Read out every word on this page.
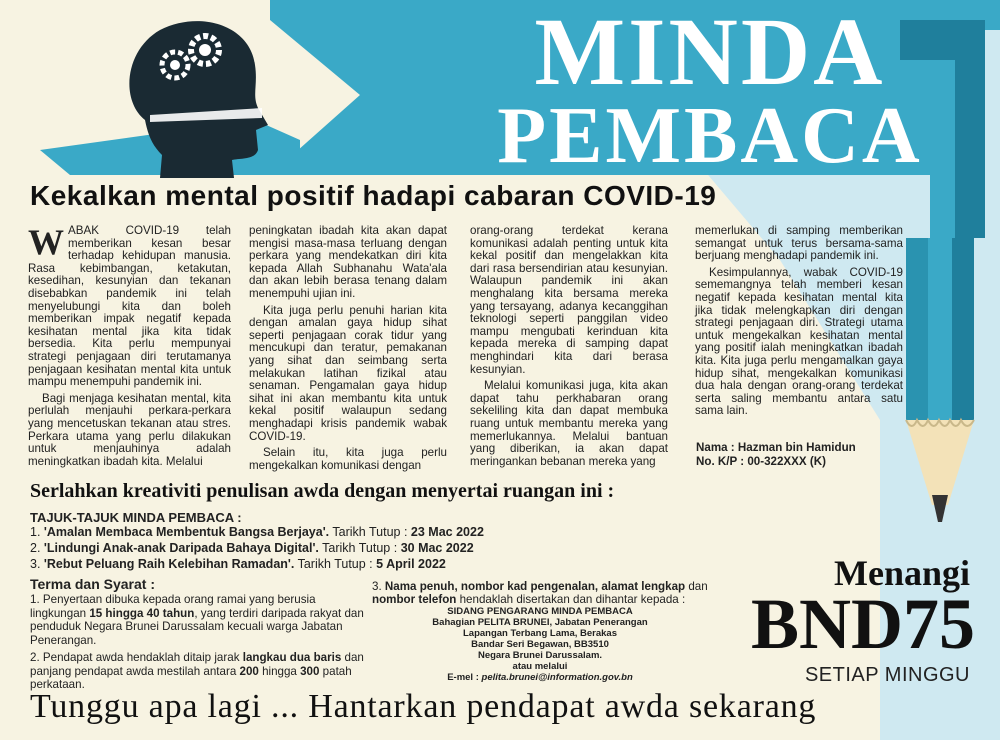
MINDA
PEMBACA
Kekalkan mental positif hadapi cabaran COVID-19

WABAK COVID-19 telah memberikan kesan besar terhadap kehidupan manusia. Rasa kebimbangan, ketakutan, kesedihan, kesunyian dan tekanan disebabkan pandemik ini telah menyelubungi kita dan boleh memberikan impak negatif kepada kesihatan mental jika kita tidak bersedia. Kita perlu mempunyai strategi penjagaan diri terutamanya penjagaan kesihatan mental kita untuk mampu menempuhi pandemik ini.

Bagi menjaga kesihatan mental, kita perlulah menjauhi perkara-perkara yang mencetuskan tekanan atau stres. Perkara utama yang perlu dilakukan untuk menjauhinya adalah meningkatkan ibadah kita. Melalui

peningkatan ibadah kita akan dapat mengisi masa-masa terluang dengan perkara yang mendekatkan diri kita kepada Allah Subhanahu Wata'ala dan akan lebih berasa tenang dalam menempuhi ujian ini.

Kita juga perlu penuhi harian kita dengan amalan gaya hidup sihat seperti penjagaan corak tidur yang mencukupi dan teratur, pemakanan yang sihat dan seimbang serta melakukan latihan fizikal atau senaman. Pengamalan gaya hidup sihat ini akan membantu kita untuk kekal positif walaupun sedang menghadapi krisis pandemik wabak COVID-19.

Selain itu, kita juga perlu mengekalkan komunikasi dengan

orang-orang terdekat kerana komunikasi adalah penting untuk kita kekal positif dan mengelakkan kita dari rasa bersendirian atau kesunyian. Walaupun pandemik ini akan menghalang kita bersama mereka yang tersayang, adanya kecanggihan teknologi seperti panggilan video mampu mengubati kerinduan kita kepada mereka di samping dapat menghindari kita dari berasa kesunyian.

Melalui komunikasi juga, kita akan dapat tahu perkhabaran orang sekeliling kita dan dapat membuka ruang untuk membantu mereka yang memerlukannya. Melalui bantuan yang diberikan, ia akan dapat meringankan bebanan mereka yang

memerlukan di samping memberikan semangat untuk terus bersama-sama berjuang menghadapi pandemik ini.

Kesimpulannya, wabak COVID-19 sememangnya telah memberi kesan negatif kepada kesihatan mental kita jika tidak melengkapkan diri dengan strategi penjagaan diri. Strategi utama untuk mengekalkan kesihatan mental yang positif ialah meningkatkan ibadah kita. Kita juga perlu mengamalkan gaya hidup sihat, mengekalkan komunikasi dua hala dengan orang-orang terdekat serta saling membantu antara satu sama lain.

Nama : Hazman bin Hamidun
No. K/P : 00-322XXX (K)
Serlahkan kreativiti penulisan awda dengan menyertai ruangan ini :
TAJUK-TAJUK MINDA PEMBACA :
1. 'Amalan Membaca Membentuk Bangsa Berjaya'. Tarikh Tutup : 23 Mac 2022
2. 'Lindungi Anak-anak Daripada Bahaya Digital'. Tarikh Tutup : 30 Mac 2022
3. 'Rebut Peluang Raih Kelebihan Ramadan'. Tarikh Tutup : 5 April 2022
Terma dan Syarat :

1. Penyertaan dibuka kepada orang ramai yang berusia lingkungan 15 hingga 40 tahun, yang terdiri daripada rakyat dan penduduk Negara Brunei Darussalam kecuali warga Jabatan Penerangan.

2. Pendapat awda hendaklah ditaip jarak langkau dua baris dan panjang pendapat awda mestilah antara 200 hingga 300 patah perkataan.

3. Nama penuh, nombor kad pengenalan, alamat lengkap dan nombor telefon hendaklah disertakan dan dihantar kepada :
SIDANG PENGARANG MINDA PEMBACA
Bahagian PELITA BRUNEI, Jabatan Penerangan
Lapangan Terbang Lama, Berakas
Bandar Seri Begawan, BB3510
Negara Brunei Darussalam.
atau melalui
E-mel : pelita.brunei@information.gov.bn
Menangi
BND75
SETIAP MINGGU
Tunggu apa lagi ... Hantarkan pendapat awda sekarang
